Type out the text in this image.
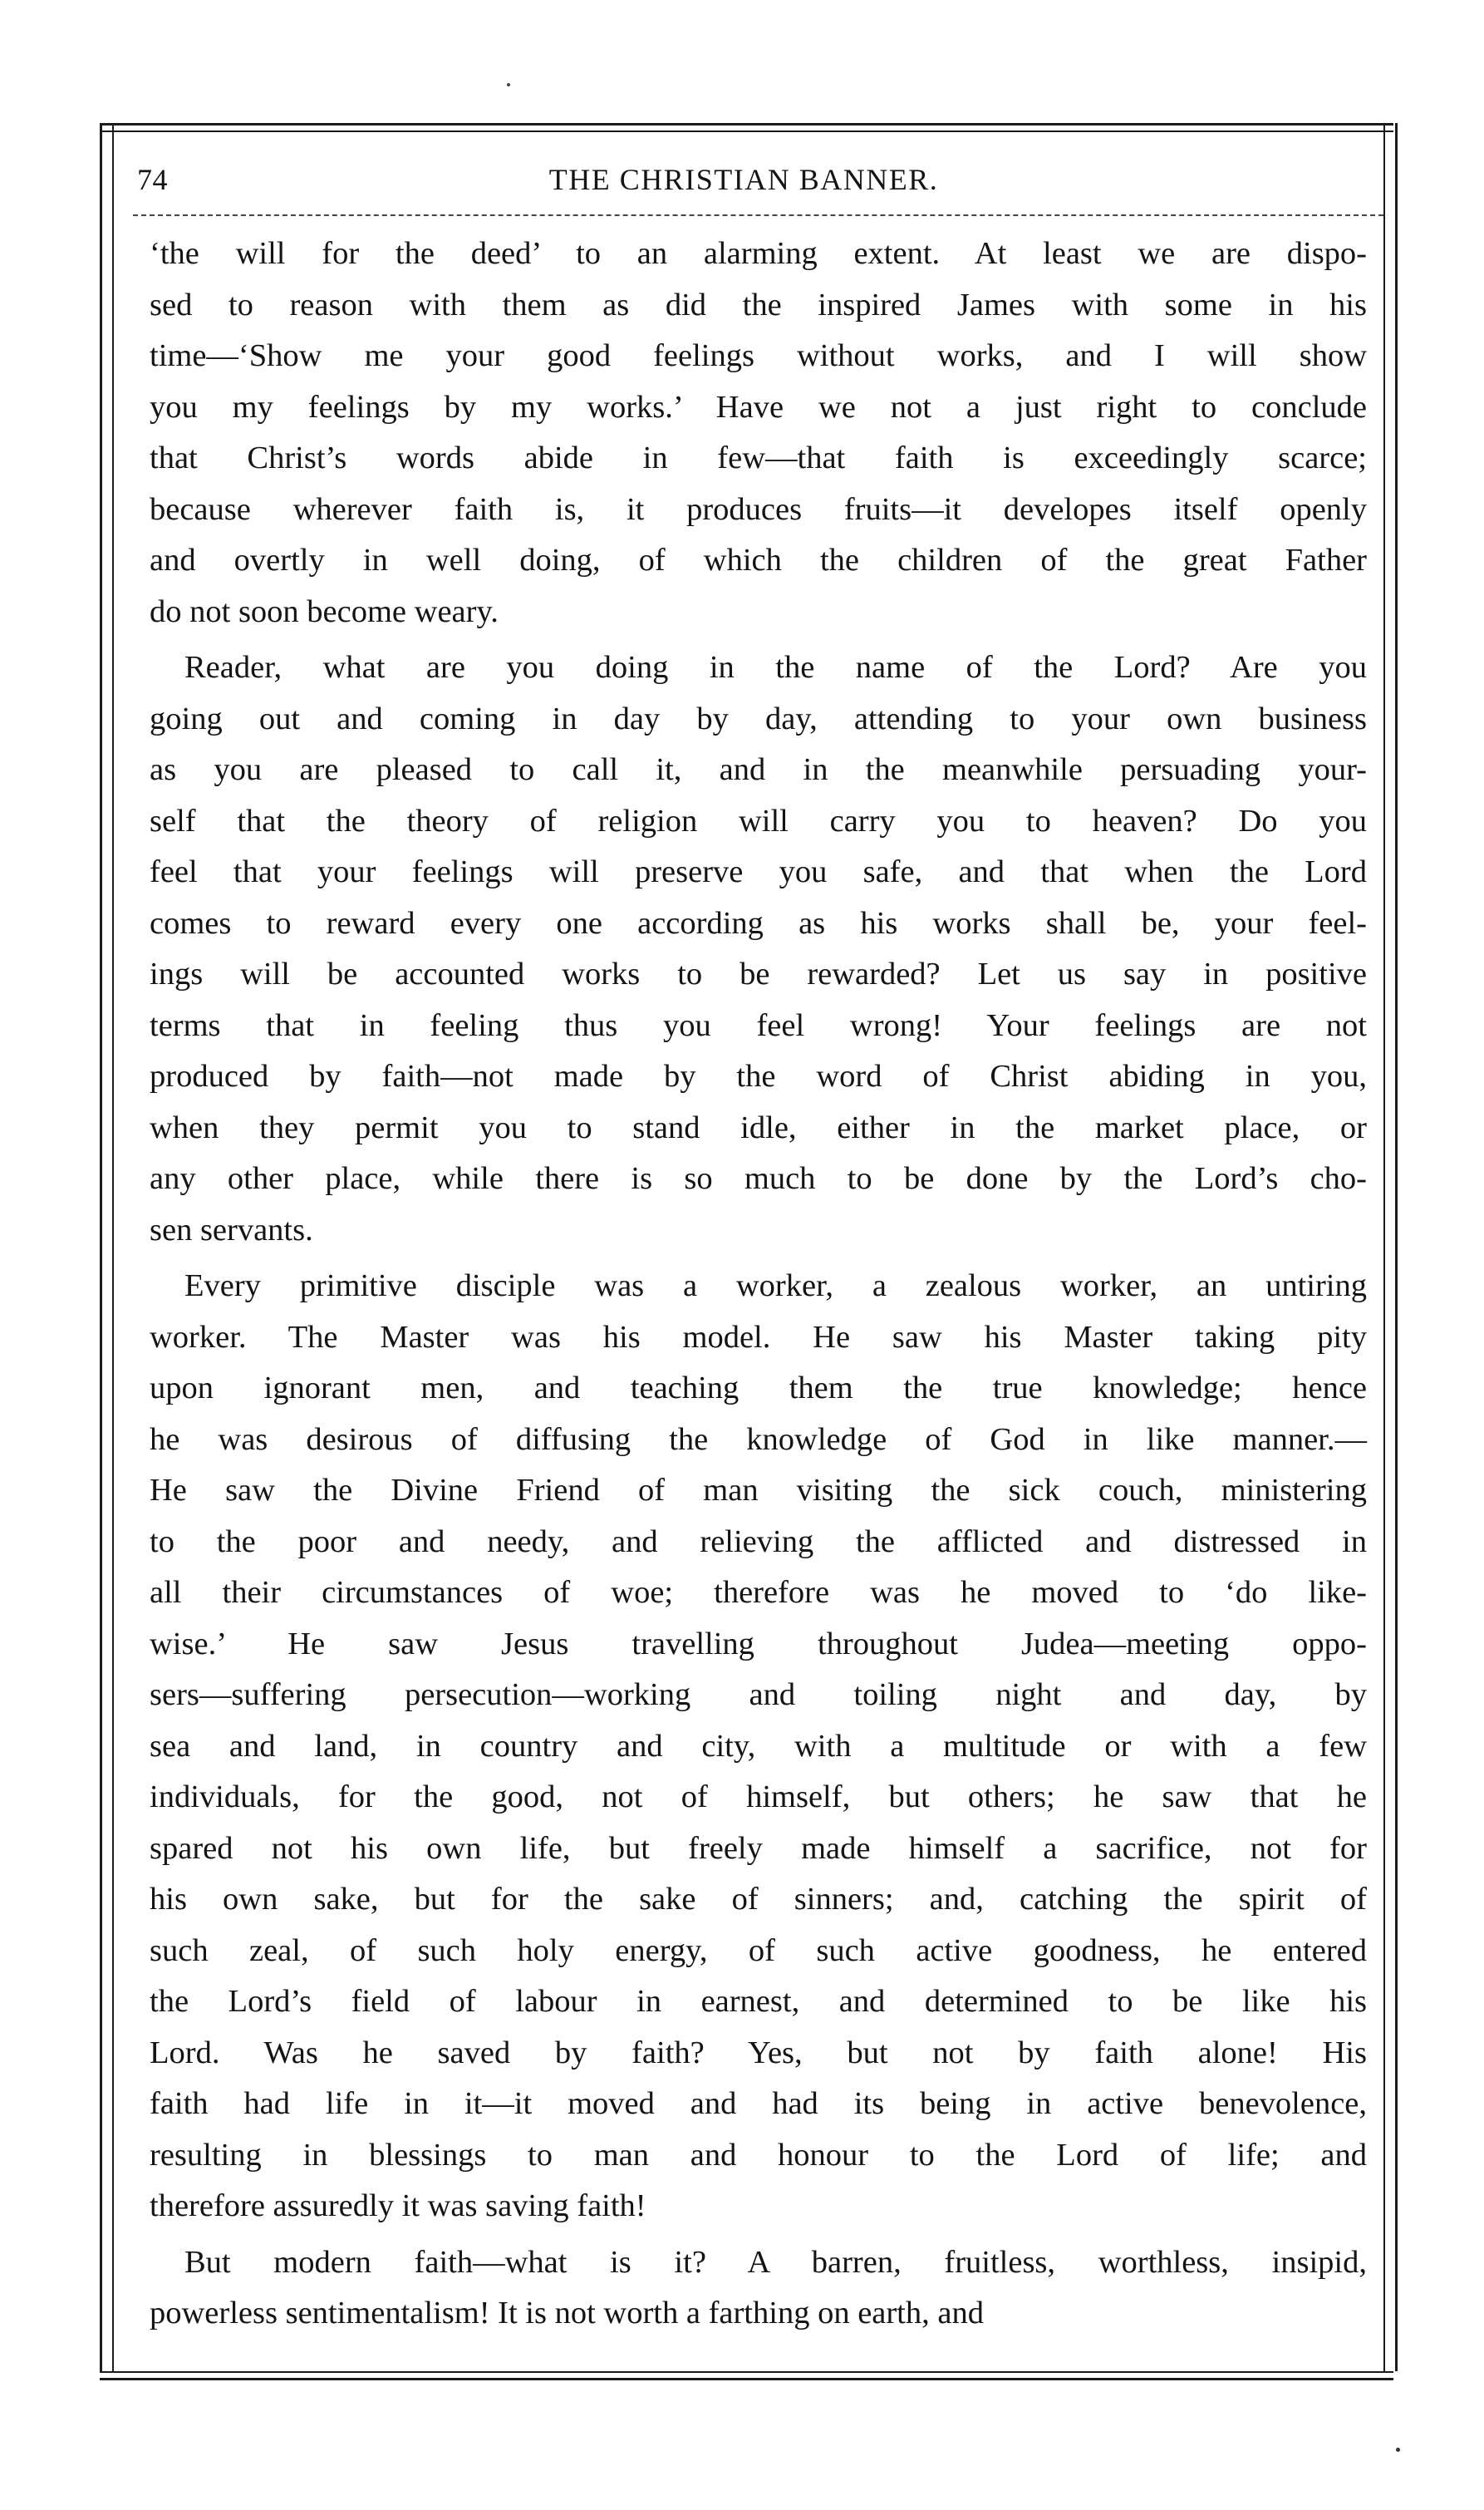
74	THE CHRISTIAN BANNER.
‘the will for the deed’ to an alarming extent. At least we are dispo-
sed to reason with them as did the inspired James with some in his
time—‘Show me your good feelings without works, and I will show
you my feelings by my works.’ Have we not a just right to conclude
that Christ’s words abide in few—that faith is exceedingly scarce;
because wherever faith is, it produces fruits—it developes itself openly
and overtly in well doing, of which the children of the great Father
do not soon become weary.
Reader, what are you doing in the name of the Lord? Are you
going out and coming in day by day, attending to your own business
as you are pleased to call it, and in the meanwhile persuading your-
self that the theory of religion will carry you to heaven? Do you
feel that your feelings will preserve you safe, and that when the Lord
comes to reward every one according as his works shall be, your feel-
ings will be accounted works to be rewarded? Let us say in positive
terms that in feeling thus you feel wrong! Your feelings are not
produced by faith—not made by the word of Christ abiding in you,
when they permit you to stand idle, either in the market place, or
any other place, while there is so much to be done by the Lord’s cho-
sen servants.
Every primitive disciple was a worker, a zealous worker, an untiring
worker. The Master was his model. He saw his Master taking pity
upon ignorant men, and teaching them the true knowledge; hence
he was desirous of diffusing the knowledge of God in like manner.—
He saw the Divine Friend of man visiting the sick couch, ministering
to the poor and needy, and relieving the afflicted and distressed in
all their circumstances of woe; therefore was he moved to ‘do like-
wise.’ He saw Jesus travelling throughout Judea—meeting oppo-
sers—suffering persecution—working and toiling night and day, by
sea and land, in country and city, with a multitude or with a few
individuals, for the good, not of himself, but others; he saw that he
spared not his own life, but freely made himself a sacrifice, not for
his own sake, but for the sake of sinners; and, catching the spirit of
such zeal, of such holy energy, of such active goodness, he entered
the Lord’s field of labour in earnest, and determined to be like his
Lord. Was he saved by faith? Yes, but not by faith alone! His
faith had life in it—it moved and had its being in active benevolence,
resulting in blessings to man and honour to the Lord of life; and
therefore assuredly it was saving faith!
But modern faith—what is it? A barren, fruitless, worthless, insipid,
powerless sentimentalism! It is not worth a farthing on earth, and
